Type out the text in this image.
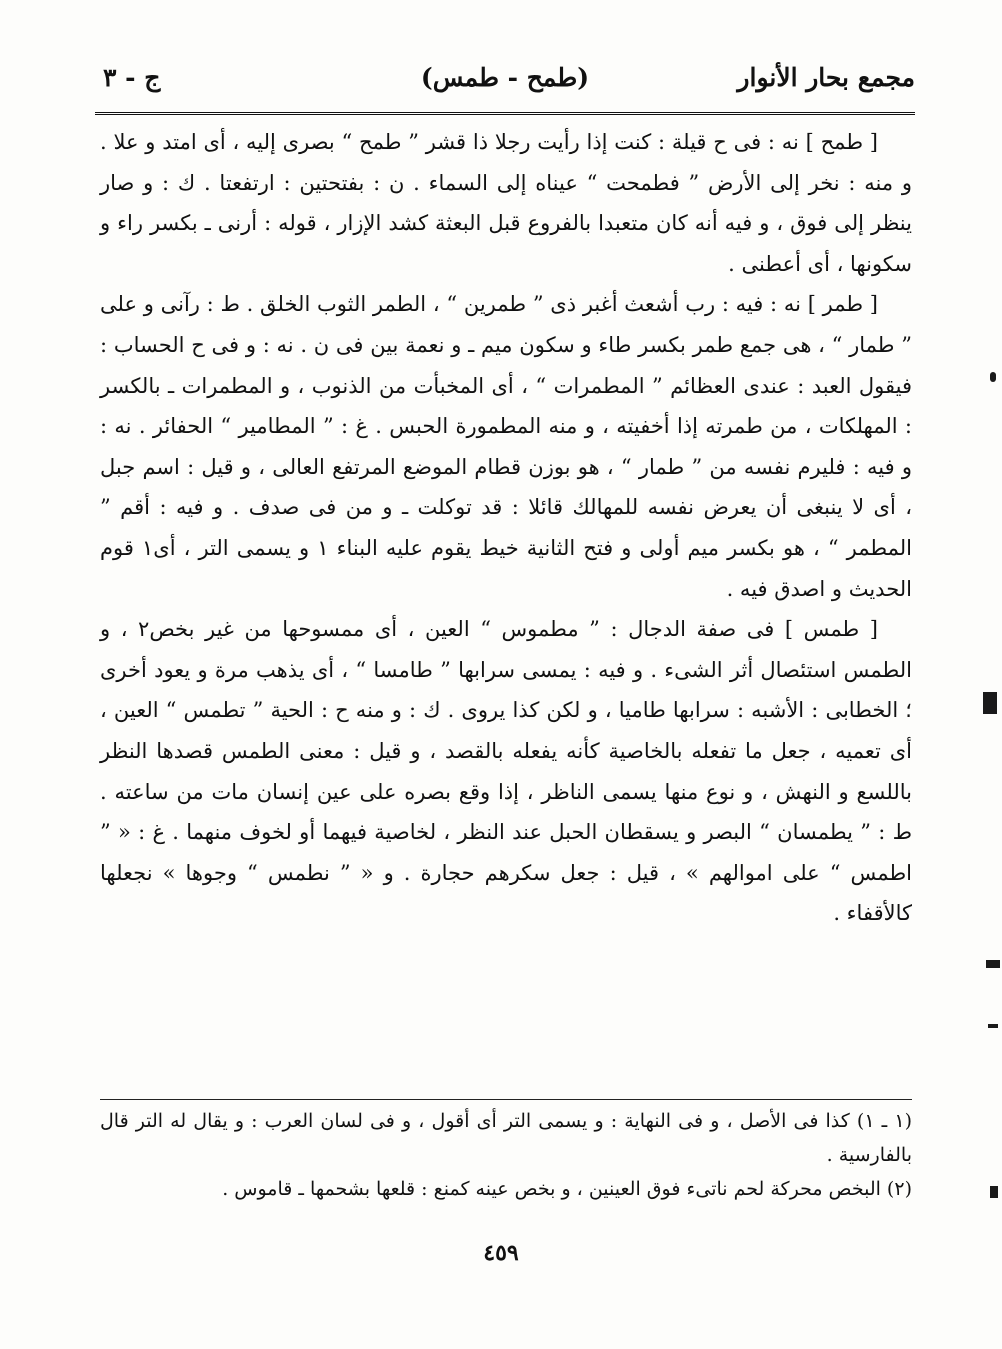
مجمع بحار الأنوار
(طمح - طمس)
ج - ٣

[ طمح ] نه : فی ح قيلة : كنت إذا رأيت رجلا ذا قشر ” طمح “ بصری إليه ، أی امتد و علا . و منه : نخر إلى الأرض ” فطمحت “ عيناه إلى السماء . ن : بفتحتين : ارتفعتا . ك : و صار ينظر إلى فوق ، و فيه أنه كان متعبدا بالفروع قبل البعثة كشد الإزار ، قوله : أرنی ـ بكسر راء و سكونها ، أی أعطنی .

[ طمر ] نه : فيه : رب أشعث أغبر ذی ” طمرين “ ، الطمر الثوب الخلق . ط : رآنی و علی ” طمار “ ، هی جمع طمر بكسر طاء و سكون ميم ـ و نعمة بين فی ن . نه : و فی ح الحساب : فيقول العبد : عندی العظائم ” المطمرات “ ، أی المخبأت من الذنوب ، و المطمرات ـ بالكسر : المهلكات ، من طمرته إذا أخفيته ، و منه المطمورة الحبس . غ : ” المطامير “ الحفائر . نه : و فيه : فليرم نفسه من ” طمار “ ، هو بوزن قطام الموضع المرتفع العالی ، و قيل : اسم جبل ، أی لا ينبغی أن يعرض نفسه للمهالك قائلا : قد توكلت ـ و من فی صدف . و فيه : أقم ” المطمر “ ، هو بكسر ميم أولی و فتح الثانية خيط يقوم عليه البناء ١ و يسمی التر ، أی١ قوم الحديث و اصدق فيه .

[ طمس ] فی صفة الدجال : ” مطموس “ العين ، أی ممسوحها من غير بخص٢ ، و الطمس استئصال أثر الشیء . و فيه : يمسی سرابها ” طامسا “ ، أی يذهب مرة و يعود أخری ؛ الخطابی : الأشبه : سرابها طاميا ، و لكن كذا يروی . ك : و منه ح : الحية ” تطمس “ العين ، أی تعميه ، جعل ما تفعله بالخاصية كأنه يفعله بالقصد ، و قيل : معنی الطمس قصدها النظر باللسع و النهش ، و نوع منها يسمی الناظر ، إذا وقع بصره علی عين إنسان مات من ساعته . ط : ” يطمسان “ البصر و يسقطان الحبل عند النظر ، لخاصية فيهما أو لخوف منهما . غ : « ” اطمس “ علی اموالهم » ، قيل : جعل سكرهم حجارة . و « ” نطمس “ وجوها » نجعلها كالأقفاء .

(١ ـ ١) كذا فی الأصل ، و فی النهاية : و يسمی التر أی أقول ، و فی لسان العرب : و يقال له التر قال بالفارسية .

(٢) البخص محركة لحم ناتیء فوق العينين ، و بخص عينه كمنع : قلعها بشحمها ـ قاموس .

٤٥٩
